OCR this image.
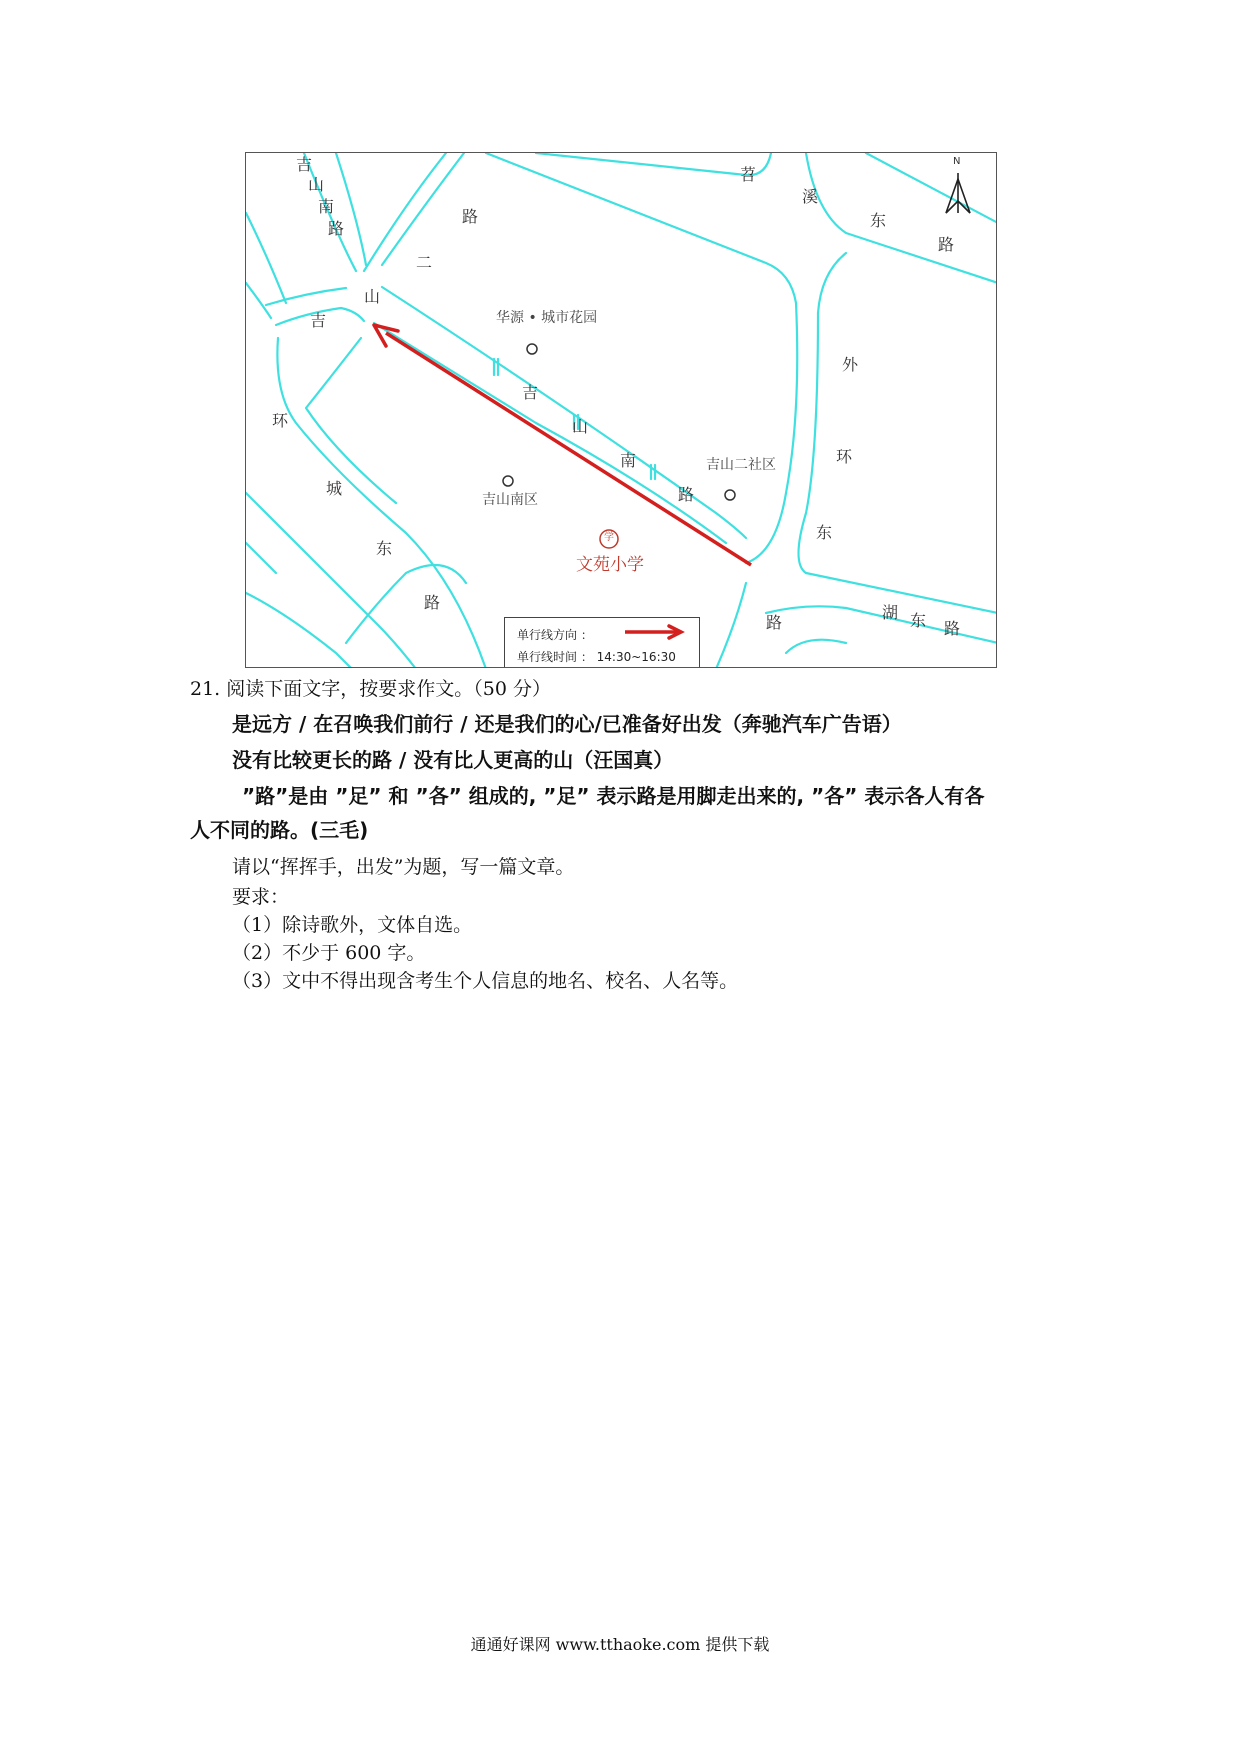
吉
山
南
路
路
二
山
吉
苕
溪
东
路
外
环
东
路
环
城
东
路
吉
山
南
路
湖 东 路
华源 • 城市花园
吉山二社区
吉山南区
学
文苑小学
N
单行线方向 ：
单行线时间 ： 14:30~16:30
21. 阅读下面文字，按要求作文。（50 分）
是远方 / 在召唤我们前行 / 还是我们的心/已准备好出发（奔驰汽车广告语）
没有比较更长的路 / 没有比人更高的山（汪国真）
”路”是由 ”足” 和 ”各” 组成的, ”足” 表示路是用脚走出来的, ”各” 表示各人有各
人不同的路。(三毛)
请以“挥挥手，出发”为题，写一篇文章。
要求：
（1）除诗歌外，文体自选。
（2）不少于 600 字。
（3）文中不得出现含考生个人信息的地名、校名、人名等。
通通好课网 www.tthaoke.com 提供下载
